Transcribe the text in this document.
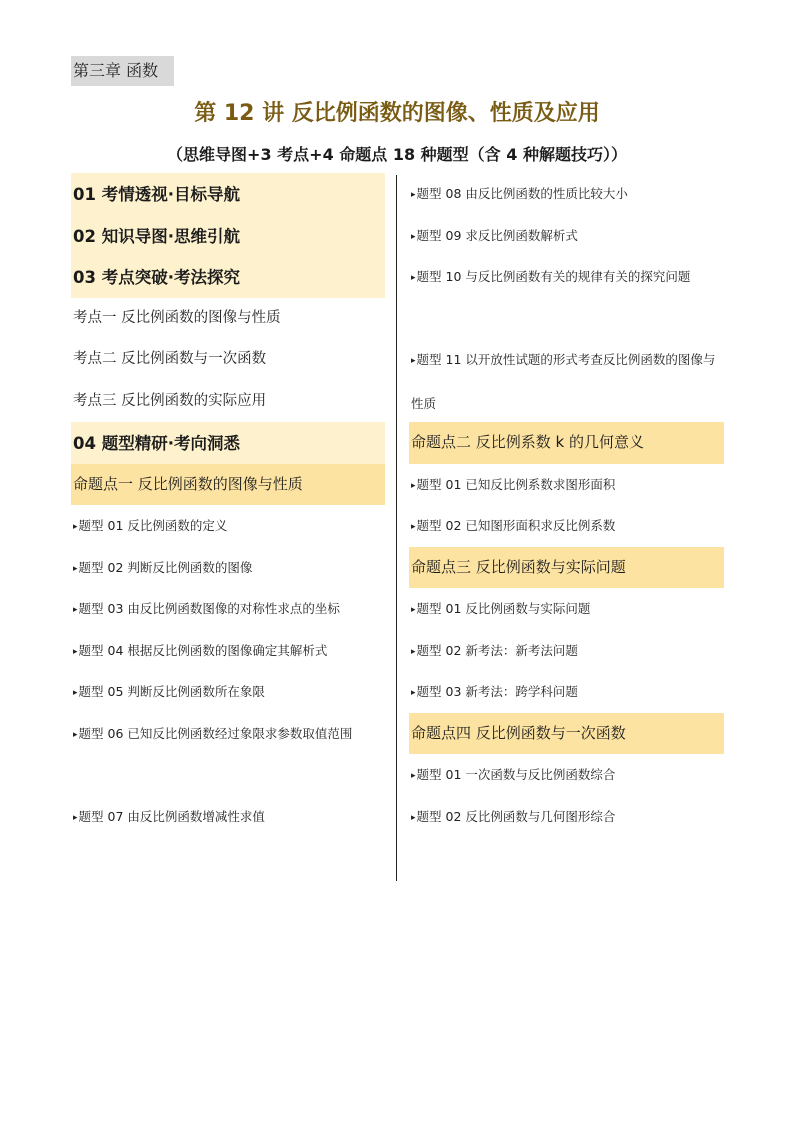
第三章 函数
第 12 讲 反比例函数的图像、性质及应用
（思维导图+3 考点+4 命题点 18 种题型（含 4 种解题技巧））
01 考情透视·目标导航
02 知识导图·思维引航
03 考点突破·考法探究
考点一 反比例函数的图像与性质
考点二 反比例函数与一次函数
考点三 反比例函数的实际应用
04 题型精研·考向洞悉
命题点一 反比例函数的图像与性质
▸题型 01 反比例函数的定义
▸题型 02 判断反比例函数的图像
▸题型 03 由反比例函数图像的对称性求点的坐标
▸题型 04 根据反比例函数的图像确定其解析式
▸题型 05 判断反比例函数所在象限
▸题型 06 已知反比例函数经过象限求参数取值范围
▸题型 07 由反比例函数增减性求值
▸题型 08 由反比例函数的性质比较大小
▸题型 09 求反比例函数解析式
▸题型 10 与反比例函数有关的规律有关的探究问题
▸题型 11 以开放性试题的形式考查反比例函数的图像与性质
命题点二 反比例系数 k 的几何意义
▸题型 01 已知反比例系数求图形面积
▸题型 02 已知图形面积求反比例系数
命题点三 反比例函数与实际问题
▸题型 01 反比例函数与实际问题
▸题型 02 新考法：新考法问题
▸题型 03 新考法：跨学科问题
命题点四 反比例函数与一次函数
▸题型 01 一次函数与反比例函数综合
▸题型 02 反比例函数与几何图形综合
